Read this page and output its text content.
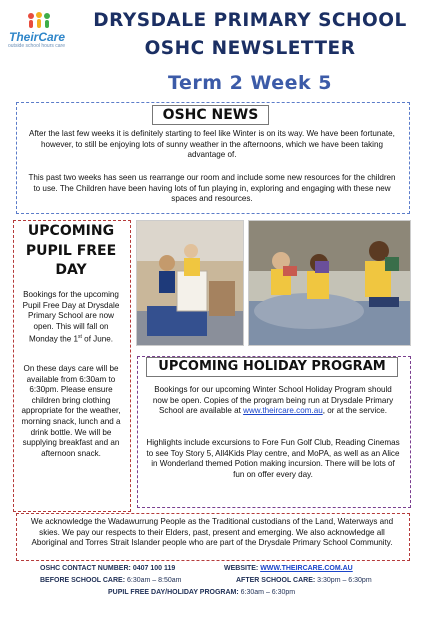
TheirCare
outside school hours care
DRYSDALE PRIMARY SCHOOL
OSHC NEWSLETTER
Term 2 Week 5
OSHC NEWS
After the last few weeks it is definitely starting to feel like Winter is on its way. We have been fortunate, however, to still be enjoying lots of sunny weather in the afternoons, which we have been taking advantage of.
This past two weeks has seen us rearrange our room and include some new resources for the children to use. The Children have been having lots of fun playing in, exploring and engaging with these new spaces and resources.
UPCOMING
PUPIL FREE
DAY
Bookings for the upcoming Pupil Free Day at Drysdale Primary School are now open. This will fall on Monday the 1st of June.
On these days care will be available from 6:30am to 6:30pm. Please ensure children bring clothing appropriate for the weather, morning snack, lunch and a drink bottle. We will be supplying breakfast and an afternoon snack.
UPCOMING HOLIDAY PROGRAM
Bookings for our upcoming Winter School Holiday Program should now be open. Copies of the program being run at Drysdale Primary School are available at www.theircare.com.au, or at the service.
Highlights include excursions to Fore Fun Golf Club, Reading Cinemas to see Toy Story 5, All4Kids Play centre, and MoPA, as well as an Alice in Wonderland themed Potion making incursion. There will be lots of fun on offer every day.
We acknowledge the Wadawurrung People as the Traditional custodians of the Land, Waterways and skies. We pay our respects to their Elders, past, present and emerging. We also acknowledge all Aboriginal and Torres Strait Islander people who are part of the Drysdale Primary School Community.
OSHC CONTACT NUMBER: 0407 100 119	WEBSITE: WWW.THEIRCARE.COM.AU
BEFORE SCHOOL CARE: 6:30am – 8:50am	AFTER SCHOOL CARE: 3:30pm – 6:30pm
PUPIL FREE DAY/HOLIDAY PROGRAM: 6:30am – 6:30pm
